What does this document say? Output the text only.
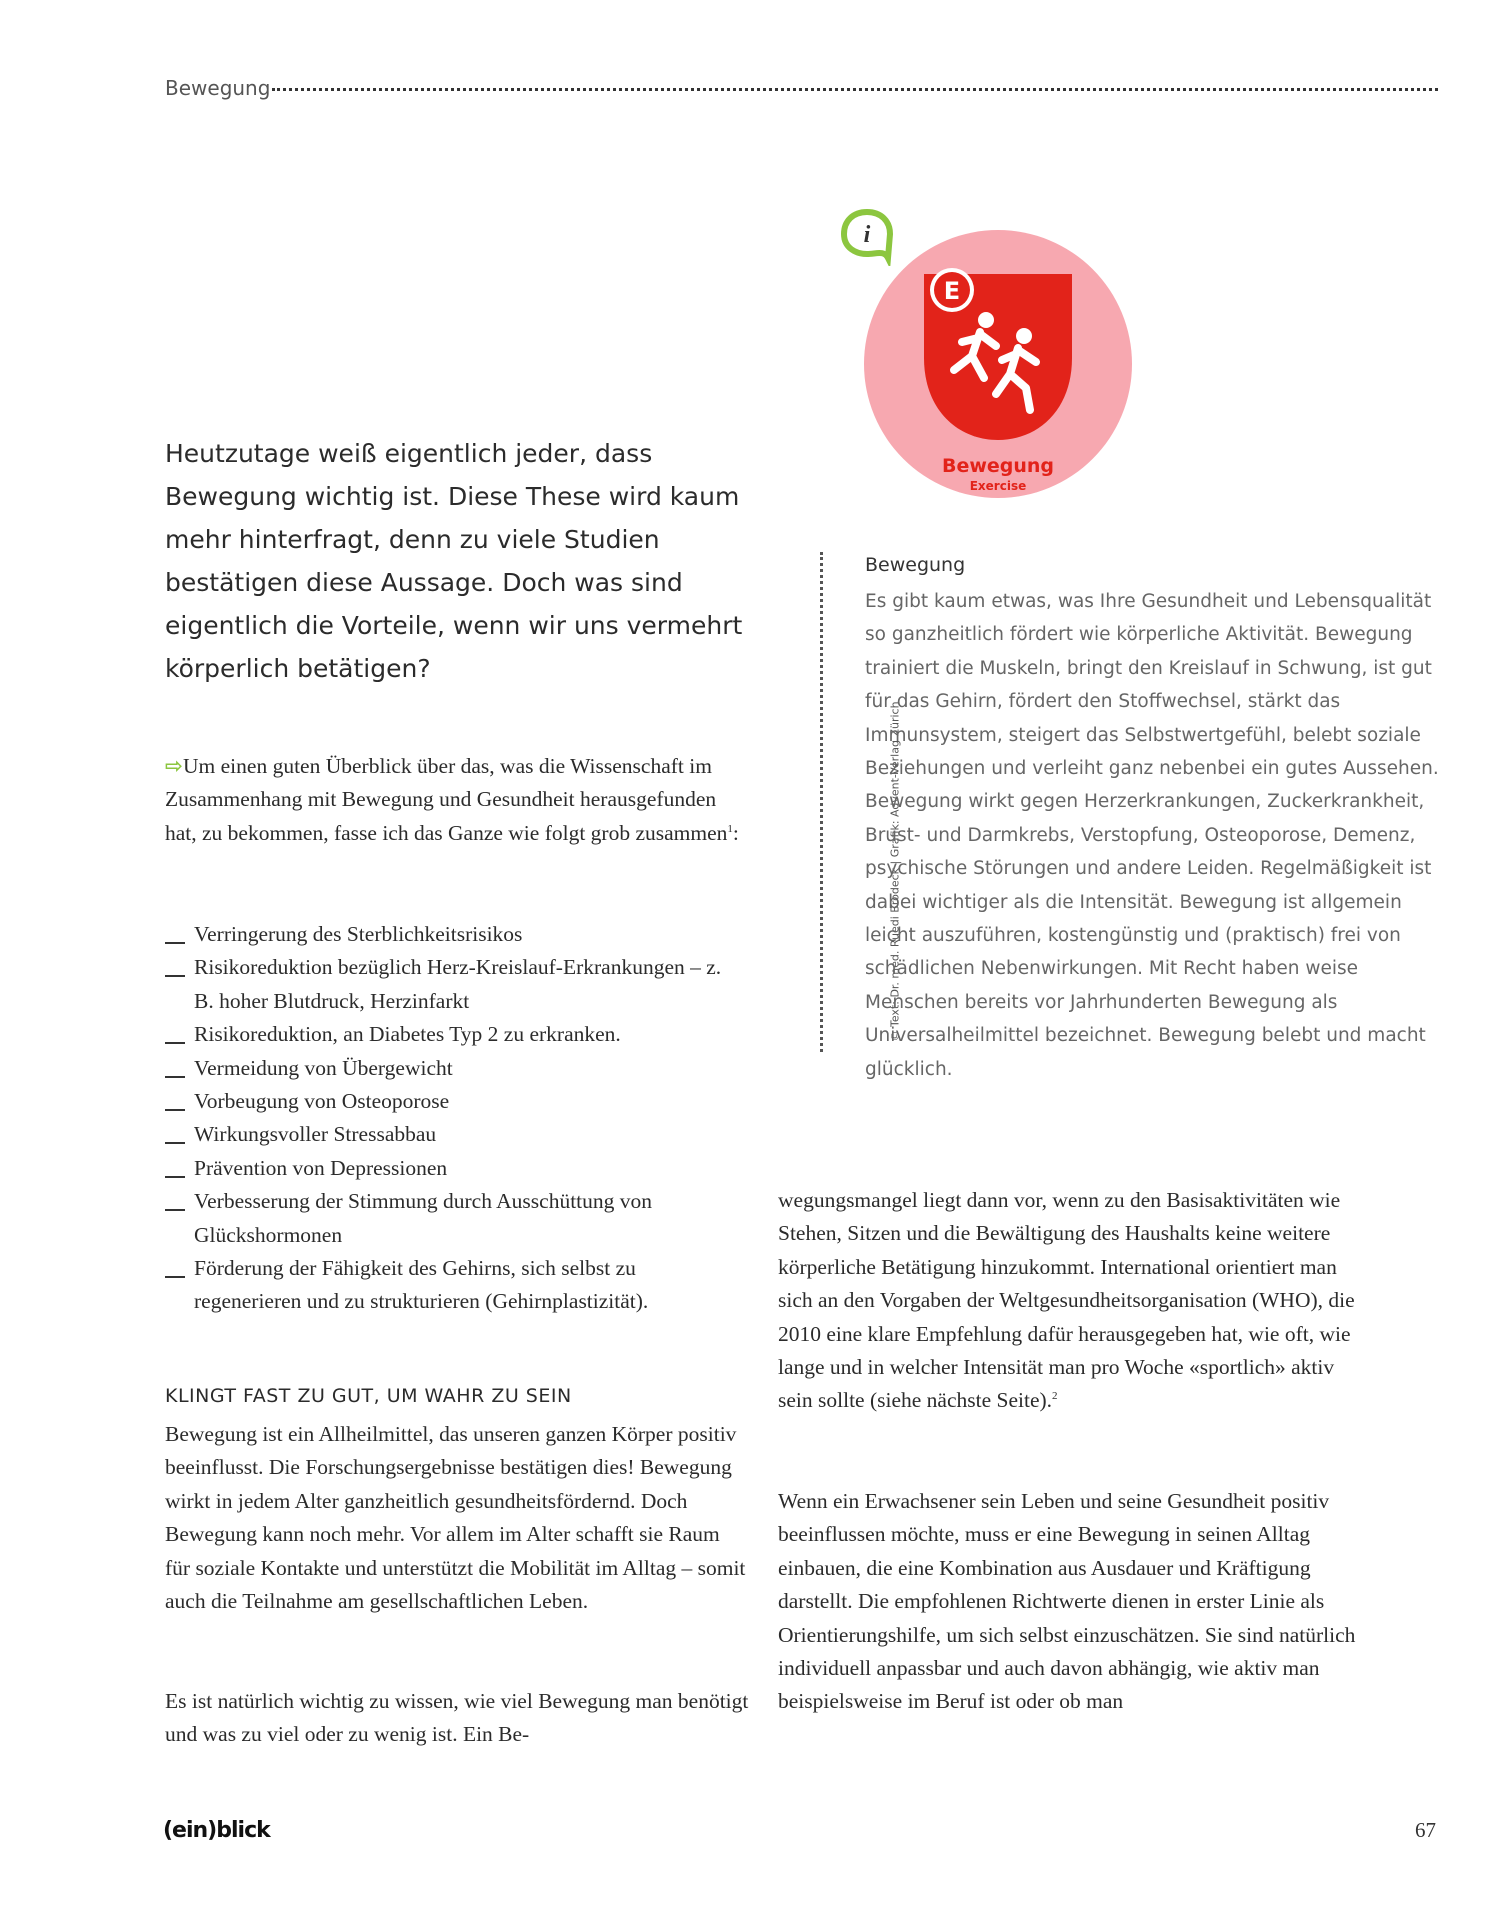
Bewegung
i
E
Bewegung
Exercise

Heutzutage weiß eigentlich jeder, dass Bewegung wichtig ist. Diese These wird kaum mehr hinterfragt, denn zu viele Studien bestätigen diese Aussage. Doch was sind eigentlich die Vorteile, wenn wir uns vermehrt körperlich betätigen?

© Text: Dr. med. Ruedi Brodeck | Grafik: Advent-Verlag Zürich
Bewegung

Es gibt kaum etwas, was Ihre Gesundheit und Lebensqualität so ganzheitlich fördert wie körperliche Aktivität. Bewegung trainiert die Muskeln, bringt den Kreislauf in Schwung, ist gut für das Gehirn, fördert den Stoffwechsel, stärkt das Immunsystem, steigert das Selbstwertgefühl, belebt soziale Beziehungen und verleiht ganz nebenbei ein gutes Aussehen. Bewegung wirkt gegen Herzerkrankungen, Zuckerkrankheit, Brust- und Darmkrebs, Verstopfung, Osteoporose, Demenz, psychische Störungen und andere Leiden. Regelmäßigkeit ist dabei wichtiger als die Intensität. Bewegung ist allgemein leicht auszuführen, kostengünstig und (praktisch) frei von schädlichen Nebenwirkungen. Mit Recht haben weise Menschen bereits vor Jahrhunderten Bewegung als Universalheilmittel bezeichnet. Bewegung belebt und macht glücklich.

⇨Um einen guten Überblick über das, was die Wissenschaft im Zusammenhang mit Bewegung und Gesundheit herausgefunden hat, zu bekommen, fasse ich das Ganze wie folgt grob zusammen$^1$:

Verringerung des Sterblichkeitsrisikos
Risikoreduktion bezüglich Herz-Kreislauf-Erkrankungen – z. B. hoher Blutdruck, Herzinfarkt
Risikoreduktion, an Diabetes Typ 2 zu erkranken.
Vermeidung von Übergewicht
Vorbeugung von Osteoporose
Wirkungsvoller Stressabbau
Prävention von Depressionen
Verbesserung der Stimmung durch Ausschüttung von Glückshormonen
Förderung der Fähigkeit des Gehirns, sich selbst zu regenerieren und zu strukturieren (Gehirnplastizität).
KLINGT FAST ZU GUT, UM WAHR ZU SEIN

Bewegung ist ein Allheilmittel, das unseren ganzen Körper positiv beeinflusst. Die Forschungsergebnisse bestätigen dies! Bewegung wirkt in jedem Alter ganzheitlich gesundheitsfördernd. Doch Bewegung kann noch mehr. Vor allem im Alter schafft sie Raum für soziale Kontakte und unterstützt die Mobilität im Alltag – somit auch die Teilnahme am gesellschaftlichen Leben.

Es ist natürlich wichtig zu wissen, wie viel Bewegung man benötigt und was zu viel oder zu wenig ist. Ein Be-

wegungsmangel liegt dann vor, wenn zu den Basisaktivitäten wie Stehen, Sitzen und die Bewältigung des Haushalts keine weitere körperliche Betätigung hinzukommt. International orientiert man sich an den Vorgaben der Weltgesundheitsorganisation (WHO), die 2010 eine klare Empfehlung dafür herausgegeben hat, wie oft, wie lange und in welcher Intensität man pro Woche «sportlich» aktiv sein sollte (siehe nächste Seite).$^2$

Wenn ein Erwachsener sein Leben und seine Gesundheit positiv beeinflussen möchte, muss er eine Bewegung in seinen Alltag einbauen, die eine Kombination aus Ausdauer und Kräftigung darstellt. Die empfohlenen Richtwerte dienen in erster Linie als Orientierungshilfe, um sich selbst einzuschätzen. Sie sind natürlich individuell anpassbar und auch davon abhängig, wie aktiv man beispielsweise im Beruf ist oder ob man

(ein)blick	67
